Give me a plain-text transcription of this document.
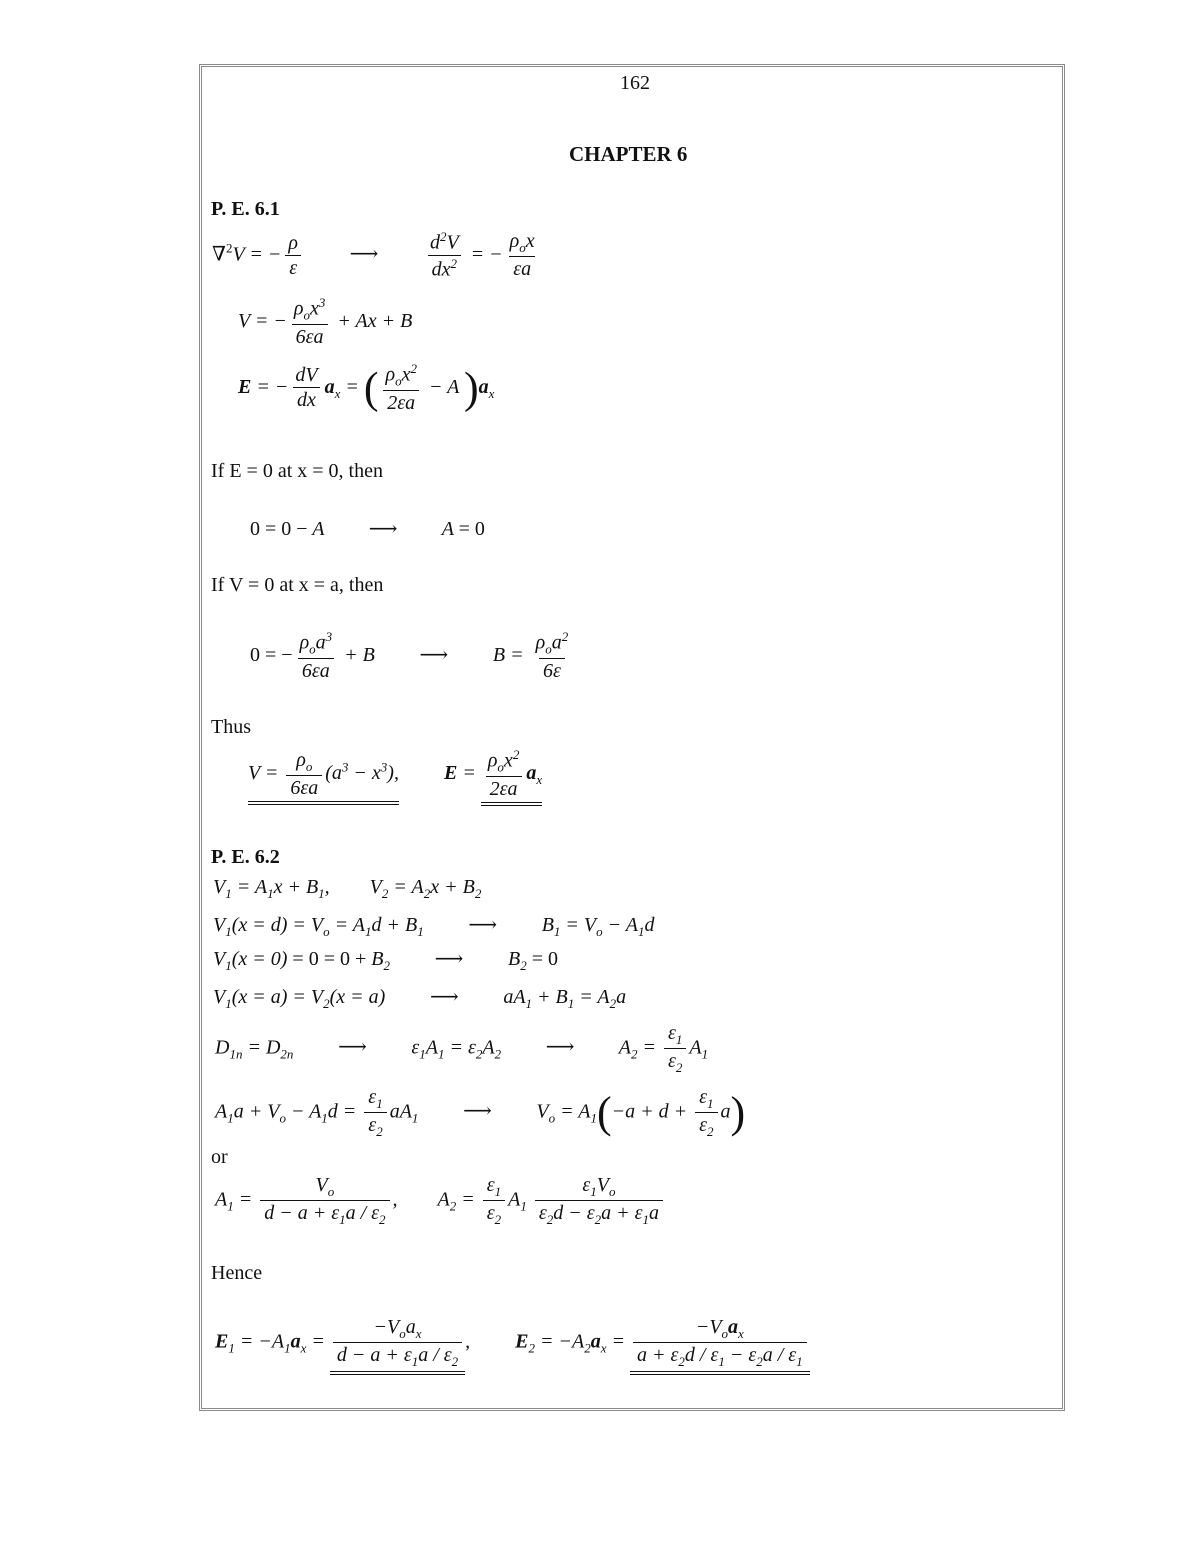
162
CHAPTER 6
P. E. 6.1
∇$^2$V = − $\frac{\rho}{\varepsilon}$ ⟶ $\frac{d^2V}{dx^2}$ = − $\frac{\rho_ox}{\varepsilon a}$
V = − $\frac{\rho_ox^3}{6\varepsilon a} + Ax + B$
E = − $\frac{dV}{dx} a_x$ = ( $\frac{\rho_ox^2}{2\varepsilon a} - A$ )$a_x$
If E = 0 at x = 0, then
0 = 0 − A ⟶ A = 0
If V = 0 at x = a, then
0 = − $\frac{\rho_oa^3}{6\varepsilon a} + B$ ⟶ $B = \frac{\rho_oa^2}{6\varepsilon}$
Thus
$V = \frac{\rho_o}{6\varepsilon a} (a^3 - x^3)$, $E = \frac{\rho_ox^2}{2\varepsilon a} a_x$
P. E. 6.2
$V_1 = A_1x + B_1$, $V_2 = A_2x + B_2$
$V_1(x = d) = V_o = A_1d + B_1$ ⟶ $B_1 = V_o - A_1d$
$V_1(x = 0) = 0 = 0 + B_2$ ⟶ $B_2 = 0$
$V_1(x = a) = V_2(x = a)$ ⟶ $aA_1 + B_1 = A_2a$
$D_{1n} = D_{2n}$ ⟶ $\varepsilon_1A_1 = \varepsilon_2A_2$ ⟶ $A_2 = \frac{\varepsilon_1}{\varepsilon_2} A_1$
$A_1a + V_o - A_1d = \frac{\varepsilon_1}{\varepsilon_2} aA_1$ ⟶ $V_o = A_1(-a + d + \frac{\varepsilon_1}{\varepsilon_2} a)$
or
$A_1 = \frac{V_o}{d - a + \varepsilon_1a / \varepsilon_2}$ , $A_2 = \frac{\varepsilon_1}{\varepsilon_2} A_1 \frac{\varepsilon_1V_o}{\varepsilon_2d - \varepsilon_2a + \varepsilon_1a}$
Hence
$E_1 = -A_1a_x = \frac{-V_oa_x}{d - a + \varepsilon_1a / \varepsilon_2}$ , $E_2 = -A_2a_x = \frac{-V_oa_x}{a + \varepsilon_2d / \varepsilon_1 - \varepsilon_2a / \varepsilon_1}$
